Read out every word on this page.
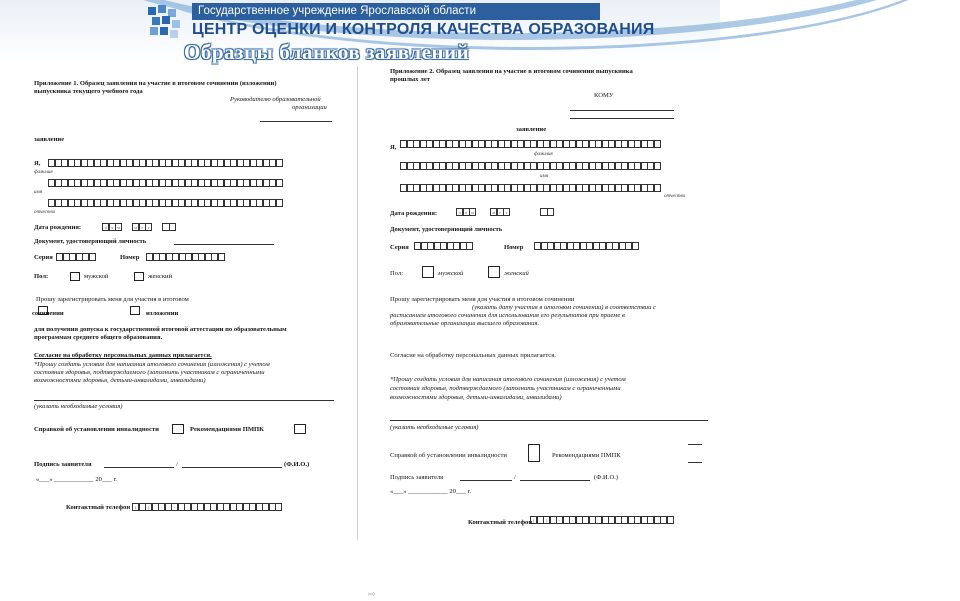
Государственное учреждение Ярославской области
ЦЕНТР ОЦЕНКИ И КОНТРОЛЯ КАЧЕСТВА ОБРАЗОВАНИЯ
Образцы бланков заявлений
Приложение 1. Образец заявления на участие в итоговом сочинении (изложении)
выпускника текущего учебного года
Руководителю образовательной
организации
заявление
Я,
фамилия
имя
отчество
Дата рождения:	ч ч м	м г	г
Документ, удостоверяющий личность
Серия	Номер
Пол:	мужской	женский
Прошу зарегистрировать меня для участия в итоговом
сочинении	изложении
для получения допуска к государственной итоговой аттестации по образовательным
программам среднего общего образования.
Согласие на обработку персональных данных прилагается.
*Прошу создать условия для написания итогового сочинения (изложения) с учетом
состояния здоровья, подтверждаемого (заполнить участникам с ограниченными
возможностями здоровья, детьми-инвалидами, инвалидами)
(указать необходимые условия)
Справкой об установлении инвалидности	Рекомендациями ПМПК
Подпись заявителя	/	(Ф.И.О.)
«___» ____________ 20___ г.
Контактный телефон	(	)	-	-
⇨
Приложение 2. Образец заявления на участие в итоговом сочинении выпускника
прошлых лет
КОМУ
заявление
Я,
фамилия
имя
отчество
Дата рождения:	ч ч м	м г	г
Документ, удостоверяющий личность
Серия	Номер
Пол:	мужской	женский
Прошу зарегистрировать меня для участия в итоговом сочинении
(указать дату участия в итоговом сочинении) в соответствии с
расписанием итогового сочинения для использования его результатов при приеме в
образовательные организации высшего образования.
Согласие на обработку персональных данных прилагается.
*Прошу создать условия для написания итогового сочинения (изложения) с учетом
состояния здоровья, подтверждаемого (заполнить участникам с ограниченными
возможностями здоровья, детьми-инвалидами, инвалидами)
(указать необходимые условия)
Справкой об установлении инвалидности	Рекомендациями ПМПК
Подпись заявителя	/	(Ф.И.О.)
«___» ____________ 20___ г.
Контактный телефон (	)	-	-
